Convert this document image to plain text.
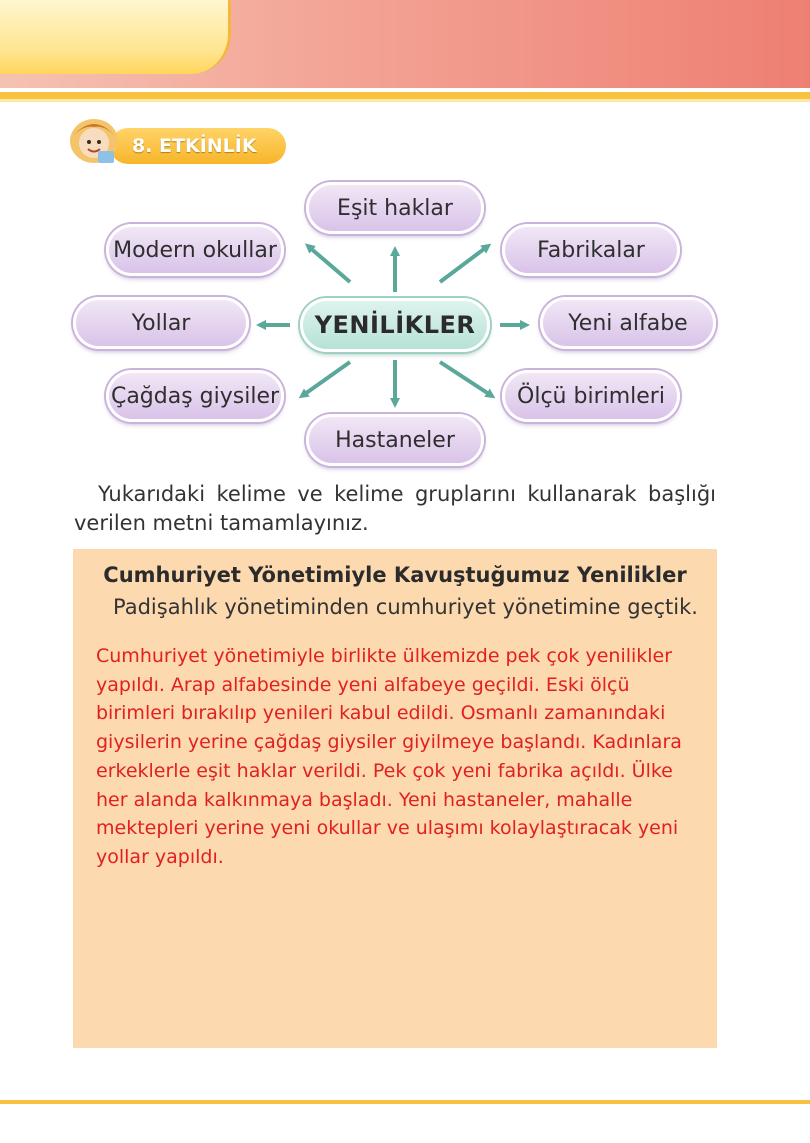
8. ETKİNLİK
Eşit haklar
Modern okullar	Fabrikalar
Yollar	YENİLİKLER	Yeni alfabe
Çağdaş giysiler	Ölçü birimleri
Hastaneler
Yukarıdaki kelime ve kelime gruplarını kullanarak başlığı verilen metni tamamlayınız.
Cumhuriyet Yönetimiyle Kavuştuğumuz Yenilikler
Padişahlık yönetiminden cumhuriyet yönetimine geçtik.
Cumhuriyet yönetimiyle birlikte ülkemizde pek çok yenilikler yapıldı. Arap alfabesinde yeni alfabeye geçildi. Eski ölçü birimleri bırakılıp yenileri kabul edildi. Osmanlı zamanındaki giysilerin yerine çağdaş giysiler giyilmeye başlandı. Kadınlara erkeklerle eşit haklar verildi. Pek çok yeni fabrika açıldı. Ülke her alanda kalkınmaya başladı. Yeni hastaneler, mahalle mektepleri yerine yeni okullar ve ulaşımı kolaylaştıracak yeni yollar yapıldı.
